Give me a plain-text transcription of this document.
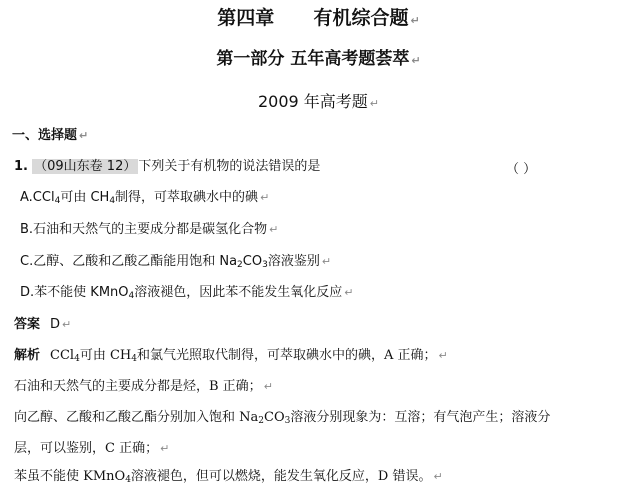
第四章 有机综合题 ↵
第一部分 五年高考题荟萃 ↵
2009 年高考题 ↵
一、选择题 ↵
1. （09山东卷 12） 下列关于有机物的说法错误的是	（ ）
A.CCl$_4$可由 $CH_4$制得，可萃取碘水中的碘 ↵
B.石油和天然气的主要成分都是碳氢化合物 ↵
C.乙醇、乙酸和乙酸乙酯能用饱和 $Na_2CO_3$溶液鉴别 ↵
D.苯不能使 KMnO$_4$溶液褪色，因此苯不能发生氧化反应 ↵
答案 D ↵
解析 CCl$_4$可由 $CH_4$和氯气光照取代制得，可萃取碘水中的碘，A 正确； ↵
石油和天然气的主要成分都是烃，B 正确； ↵
向乙醇、乙酸和乙酸乙酯分别加入饱和 $Na_2CO_3$溶液分别现象为：互溶；有气泡产生；溶液分
层，可以鉴别，C 正确； ↵
苯虽不能使 KMnO$_4$溶液褪色，但可以燃烧，能发生氧化反应，D 错误。 ↵
